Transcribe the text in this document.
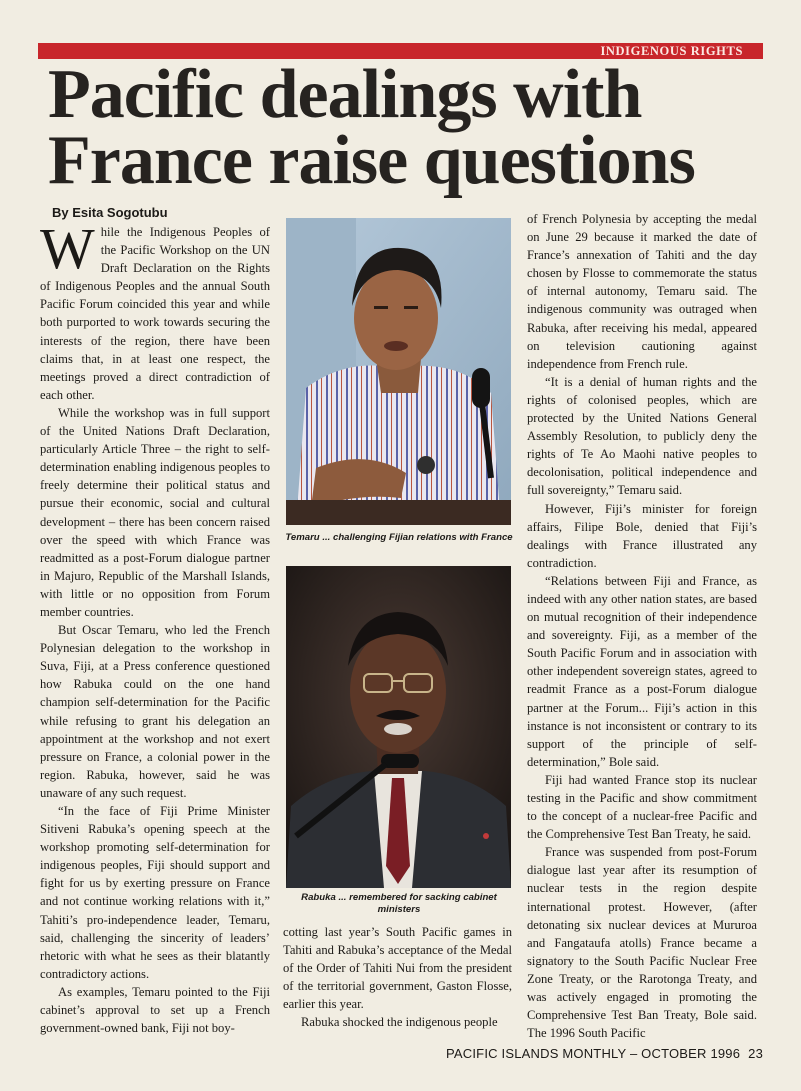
INDIGENOUS RIGHTS
Pacific dealings with
France raise questions
By Esita Sogotubu

While the Indigenous Peoples of the Pacific Workshop on the UN Draft Declaration on the Rights of Indigenous Peoples and the annual South Pacific Forum coincided this year and while both purported to work towards securing the interests of the region, there have been claims that, in at least one respect, the meetings proved a direct contradiction of each other.

While the workshop was in full support of the United Nations Draft Declaration, particularly Article Three – the right to self-determination enabling indigenous peoples to freely determine their political status and pursue their economic, social and cultural development – there has been concern raised over the speed with which France was readmitted as a post-Forum dialogue partner in Majuro, Republic of the Marshall Islands, with little or no opposition from Forum member countries.

But Oscar Temaru, who led the French Polynesian delegation to the workshop in Suva, Fiji, at a Press conference questioned how Rabuka could on the one hand champion self-determination for the Pacific while refusing to grant his delegation an appointment at the workshop and not exert pressure on France, a colonial power in the region. Rabuka, however, said he was unaware of any such request.

“In the face of Fiji Prime Minister Sitiveni Rabuka’s opening speech at the workshop promoting self-determination for indigenous peoples, Fiji should support and fight for us by exerting pressure on France and not continue working relations with it,” Tahiti’s pro-independence leader, Temaru, said, challenging the sincerity of leaders’ rhetoric with what he sees as their blatantly contradictory actions.

As examples, Temaru pointed to the Fiji cabinet’s approval to set up a French government-owned bank, Fiji not boy-

Temaru ... challenging Fijian relations with France
Rabuka ... remembered for sacking cabinet ministers

cotting last year’s South Pacific games in Tahiti and Rabuka’s acceptance of the Medal of the Order of Tahiti Nui from the president of the territorial government, Gaston Flosse, earlier this year.

Rabuka shocked the indigenous people

of French Polynesia by accepting the medal on June 29 because it marked the date of France’s annexation of Tahiti and the day chosen by Flosse to commemorate the status of internal autonomy, Temaru said. The indigenous community was outraged when Rabuka, after receiving his medal, appeared on television cautioning against independence from French rule.

“It is a denial of human rights and the rights of colonised peoples, which are protected by the United Nations General Assembly Resolution, to publicly deny the rights of Te Ao Maohi native peoples to decolonisation, political independence and full sovereignty,” Temaru said.

However, Fiji’s minister for foreign affairs, Filipe Bole, denied that Fiji’s dealings with France illustrated any contradiction.

“Relations between Fiji and France, as indeed with any other nation states, are based on mutual recognition of their independence and sovereignty. Fiji, as a member of the South Pacific Forum and in association with other independent sovereign states, agreed to readmit France as a post-Forum dialogue partner at the Forum... Fiji’s action in this instance is not inconsistent or contrary to its support of the principle of self-determination,” Bole said.

Fiji had wanted France stop its nuclear testing in the Pacific and show commitment to the concept of a nuclear-free Pacific and the Comprehensive Test Ban Treaty, he said.

France was suspended from post-Forum dialogue last year after its resumption of nuclear tests in the region despite international protest. However, (after detonating six nuclear devices at Mururoa and Fangataufa atolls) France became a signatory to the South Pacific Nuclear Free Zone Treaty, or the Rarotonga Treaty, and was actively engaged in promoting the Comprehensive Test Ban Treaty, Bole said. The 1996 South Pacific

PACIFIC ISLANDS MONTHLY – OCTOBER 1996 23
